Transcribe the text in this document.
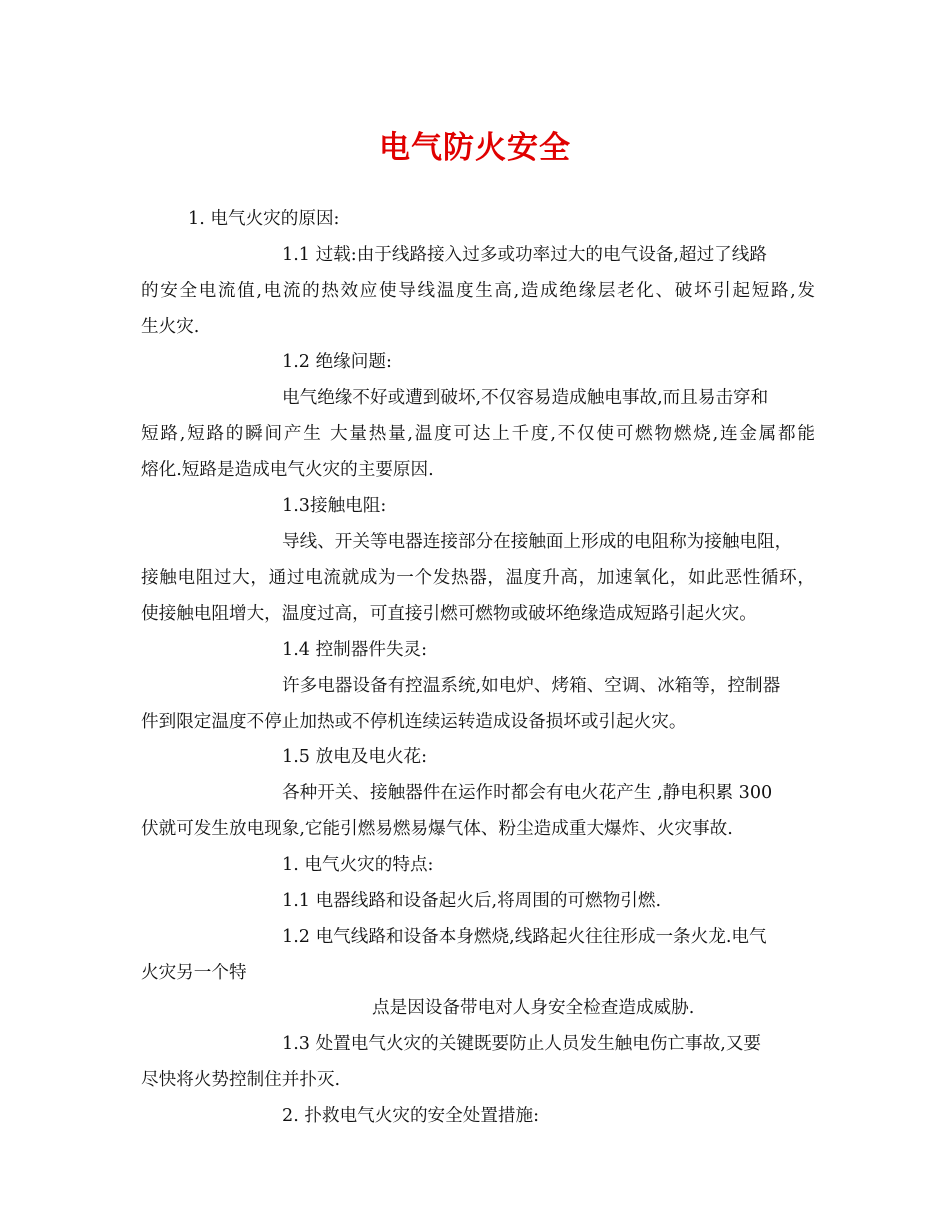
电气防火安全
1. 电气火灾的原因:
1.1 过载:由于线路接入过多或功率过大的电气设备,超过了线路
的安全电流值,电流的热效应使导线温度生高,造成绝缘层老化、破坏引起短路,发
生火灾.
1.2 绝缘问题:
电气绝缘不好或遭到破坏,不仅容易造成触电事故,而且易击穿和
短路,短路的瞬间产生 大量热量,温度可达上千度,不仅使可燃物燃烧,连金属都能
熔化.短路是造成电气火灾的主要原因.
1.3接触电阻:
导线、开关等电器连接部分在接触面上形成的电阻称为接触电阻，
接触电阻过大，通过电流就成为一个发热器，温度升高，加速氧化，如此恶性循环，
使接触电阻增大，温度过高，可直接引燃可燃物或破坏绝缘造成短路引起火灾。
1.4 控制器件失灵:
许多电器设备有控温系统,如电炉、烤箱、空调、冰箱等，控制器
件到限定温度不停止加热或不停机连续运转造成设备损坏或引起火灾。
1.5 放电及电火花:
各种开关、接触器件在运作时都会有电火花产生 ,静电积累 300
伏就可发生放电现象,它能引燃易燃易爆气体、粉尘造成重大爆炸、火灾事故.
1. 电气火灾的特点:
1.1 电器线路和设备起火后,将周围的可燃物引燃.
1.2 电气线路和设备本身燃烧,线路起火往往形成一条火龙.电气
火灾另一个特
点是因设备带电对人身安全检查造成威胁.
1.3 处置电气火灾的关键既要防止人员发生触电伤亡事故,又要
尽快将火势控制住并扑灭.
2. 扑救电气火灾的安全处置措施:
